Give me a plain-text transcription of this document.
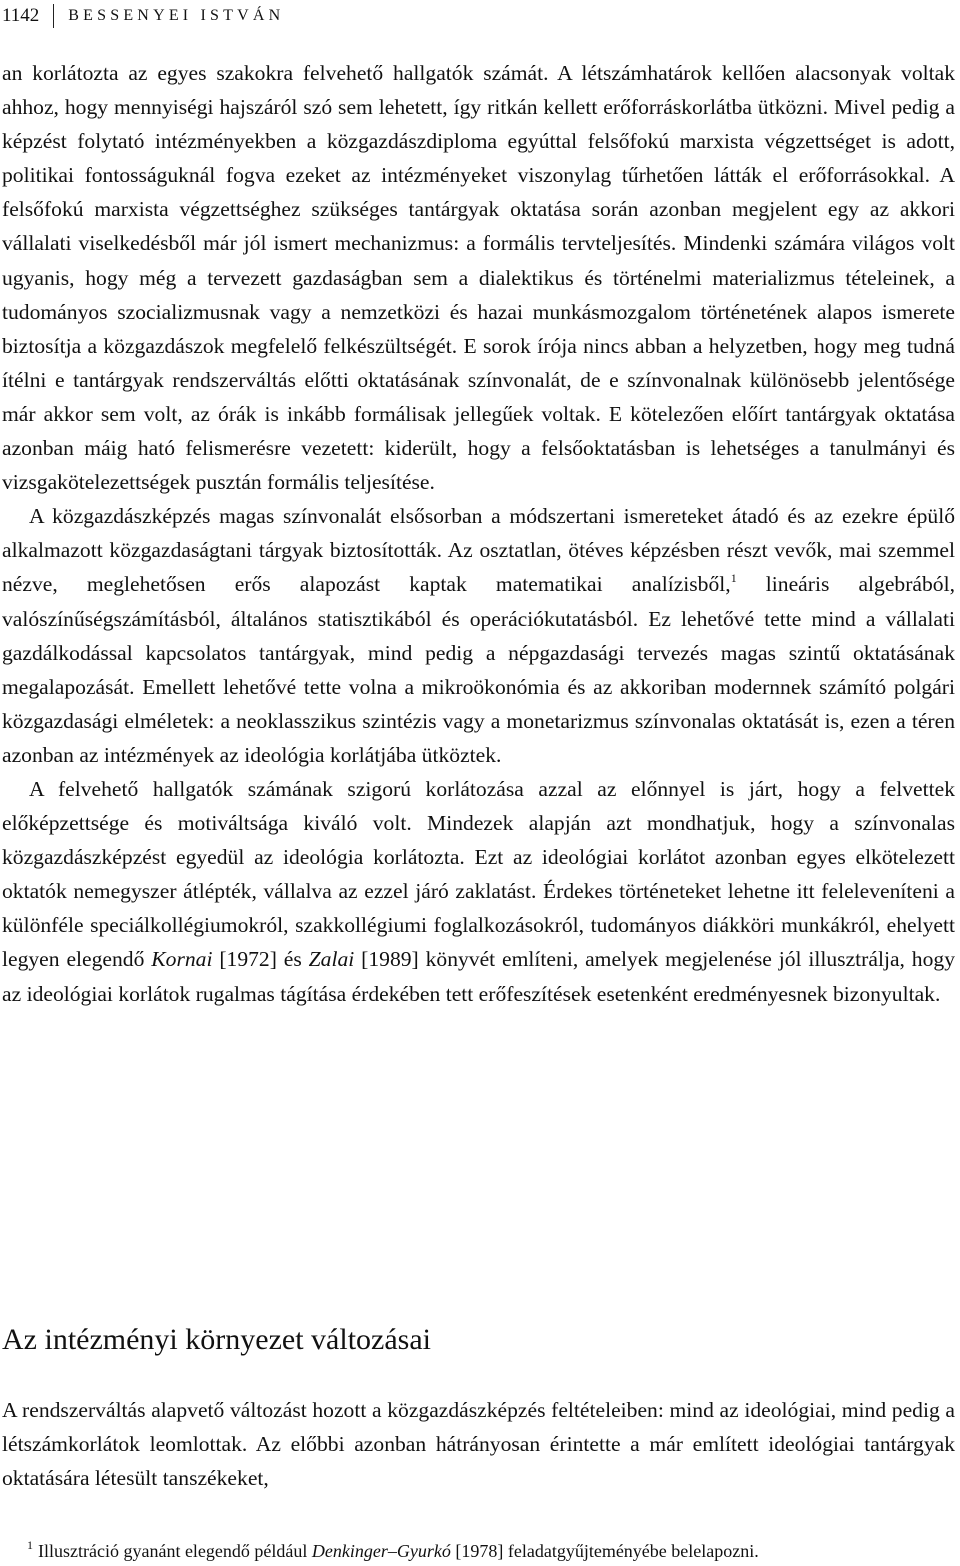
1142 BESSENYEI ISTVÁN

an korlátozta az egyes szakokra felvehető hallgatók számát. A létszámhatárok kellően alacsonyak voltak ahhoz, hogy mennyiségi hajszáról szó sem lehetett, így ritkán kellett erőforráskorlátba ütközni. Mivel pedig a képzést folytató intézményekben a közgazdászdiploma egyúttal felsőfokú marxista végzettséget is adott, politikai fontosságuknál fogva ezeket az intézményeket viszonylag tűrhetően látták el erőforrásokkal. A felsőfokú marxista végzettséghez szükséges tantárgyak oktatása során azonban megjelent egy az akkori vállalati viselkedésből már jól ismert mechanizmus: a formális tervteljesítés. Mindenki számára világos volt ugyanis, hogy még a tervezett gazdaságban sem a dialektikus és történelmi materializmus tételeinek, a tudományos szocializmusnak vagy a nemzetközi és hazai munkásmozgalom történetének alapos ismerete biztosítja a közgazdászok megfelelő felkészültségét. E sorok írója nincs abban a helyzetben, hogy meg tudná ítélni e tantárgyak rendszerváltás előtti oktatásának színvonalát, de e színvonalnak különösebb jelentősége már akkor sem volt, az órák is inkább formálisak jellegűek voltak. E kötelezően előírt tantárgyak oktatása azonban máig ható felismerésre vezetett: kiderült, hogy a felsőoktatásban is lehetséges a tanulmányi és vizsgakötelezettségek pusztán formális teljesítése.

A közgazdászképzés magas színvonalát elsősorban a módszertani ismereteket átadó és az ezekre épülő alkalmazott közgazdaságtani tárgyak biztosították. Az osztatlan, ötéves képzésben részt vevők, mai szemmel nézve, meglehetősen erős alapozást kaptak matematikai analízisből,$^1$ lineáris algebrából, valószínűségszámításból, általános statisztikából és operációkutatásból. Ez lehetővé tette mind a vállalati gazdálkodással kapcsolatos tantárgyak, mind pedig a népgazdasági tervezés magas szintű oktatásának megalapozását. Emellett lehetővé tette volna a mikroökonómia és az akkoriban modernnek számító polgári közgazdasági elméletek: a neoklasszikus szintézis vagy a monetarizmus színvonalas oktatását is, ezen a téren azonban az intézmények az ideológia korlátjába ütköztek.

A felvehető hallgatók számának szigorú korlátozása azzal az előnnyel is járt, hogy a felvettek előképzettsége és motiváltsága kiváló volt. Mindezek alapján azt mondhatjuk, hogy a színvonalas közgazdászképzést egyedül az ideológia korlátozta. Ezt az ideológiai korlátot azonban egyes elkötelezett oktatók nemegyszer átlépték, vállalva az ezzel járó zaklatást. Érdekes történeteket lehetne itt feleleveníteni a különféle speciálkollégiumokról, szakkollégiumi foglalkozásokról, tudományos diákköri munkákról, ehelyett legyen elegendő Kornai [1972] és Zalai [1989] könyvét említeni, amelyek megjelenése jól illusztrálja, hogy az ideológiai korlátok rugalmas tágítása érdekében tett erőfeszítések esetenként eredményesnek bizonyultak.

Az intézményi környezet változásai

A rendszerváltás alapvető változást hozott a közgazdászképzés feltételeiben: mind az ideológiai, mind pedig a létszámkorlátok leomlottak. Az előbbi azonban hátrányosan érintette a már említett ideológiai tantárgyak oktatására létesült tanszékeket,

$^1$ Illusztráció gyanánt elegendő például Denkinger–Gyurkó [1978] feladatgyűjteményébe belelapozni.
